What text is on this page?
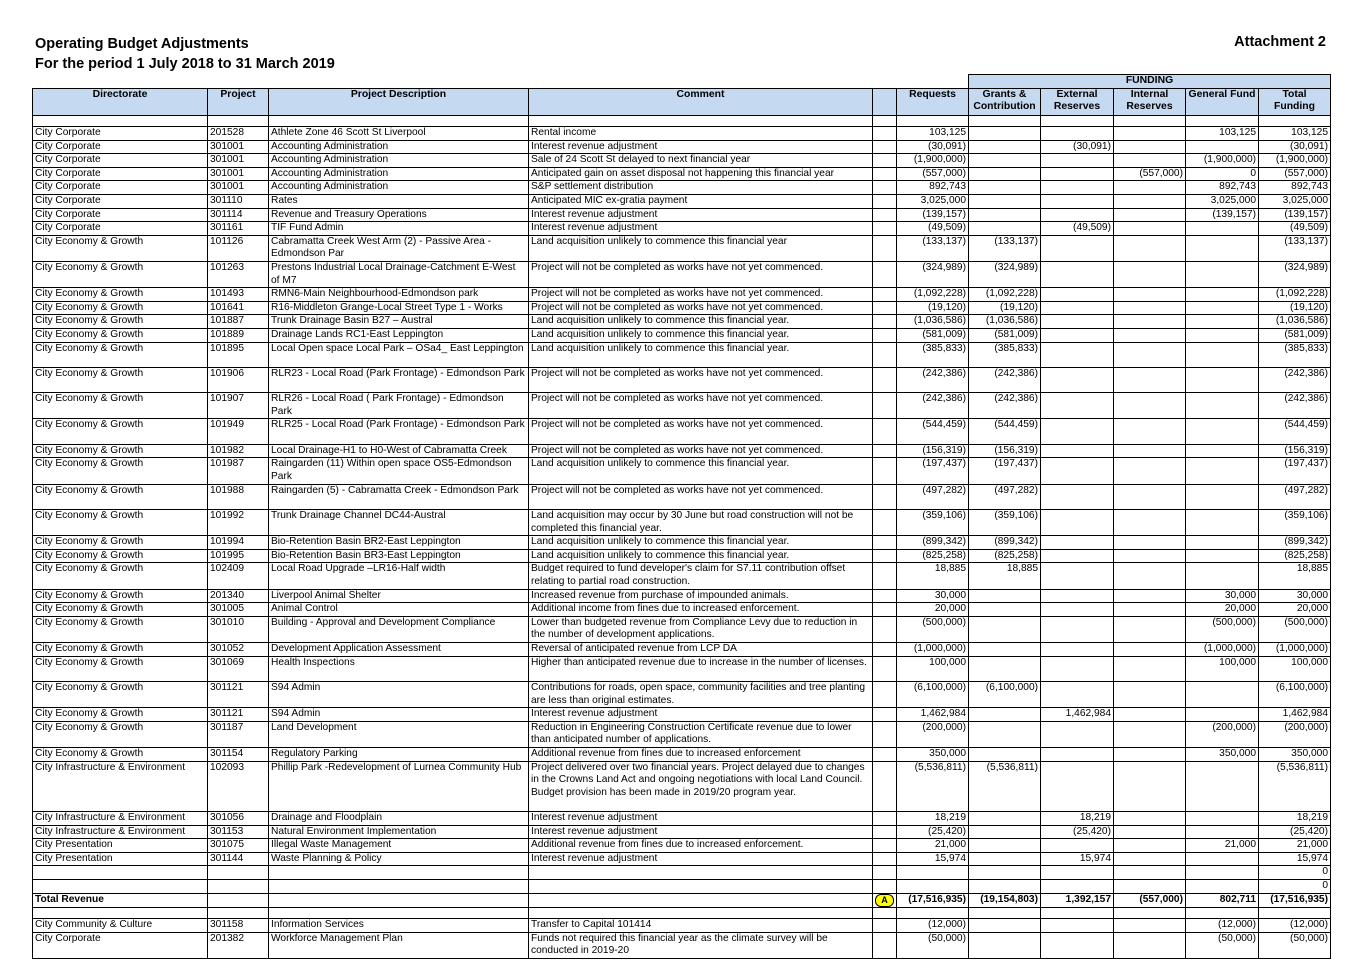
Operating Budget Adjustments
For the period 1 July 2018 to 31 March 2019
Attachment 2
						FUNDING				
Directorate	Project	Project Description	Comment		Requests	Grants & Contribution	External Reserves	Internal Reserves	General Fund	Total Funding

City Corporate	201528	Athlete Zone 46 Scott St Liverpool	Rental income		103,125				103,125	103,125
City Corporate	301001	Accounting Administration	Interest revenue adjustment		(30,091)		(30,091)			(30,091)
City Corporate	301001	Accounting Administration	Sale of 24 Scott St delayed to next financial year		(1,900,000)				(1,900,000)	(1,900,000)
City Corporate	301001	Accounting Administration	Anticipated gain on asset disposal not happening this financial year		(557,000)			(557,000)	0	(557,000)
City Corporate	301001	Accounting Administration	S&P settlement distribution		892,743				892,743	892,743
City Corporate	301110	Rates	Anticipated MIC ex-gratia payment		3,025,000				3,025,000	3,025,000
City Corporate	301114	Revenue and Treasury Operations	Interest revenue adjustment		(139,157)				(139,157)	(139,157)
City Corporate	301161	TIF Fund Admin	Interest revenue adjustment		(49,509)		(49,509)			(49,509)
City Economy & Growth	101126	Cabramatta Creek West Arm (2) - Passive Area - Edmondson Par	Land acquisition unlikely to commence this financial year		(133,137)	(133,137)				(133,137)
City Economy & Growth	101263	Prestons Industrial Local Drainage-Catchment E-West of M7	Project will not be completed as works have not yet commenced.		(324,989)	(324,989)				(324,989)
City Economy & Growth	101493	RMN6-Main Neighbourhood-Edmondson park	Project will not be completed as works have not yet commenced.		(1,092,228)	(1,092,228)				(1,092,228)
City Economy & Growth	101641	R16-Middleton Grange-Local Street Type 1 - Works	Project will not be completed as works have not yet commenced.		(19,120)	(19,120)				(19,120)
City Economy & Growth	101887	Trunk Drainage Basin B27 – Austral	Land acquisition unlikely to commence this financial year.		(1,036,586)	(1,036,586)				(1,036,586)
City Economy & Growth	101889	Drainage Lands RC1-East Leppington	Land acquisition unlikely to commence this financial year.		(581,009)	(581,009)				(581,009)
City Economy & Growth	101895	Local Open space Local Park – OSa4_ East Leppington	Land acquisition unlikely to commence this financial year.		(385,833)	(385,833)				(385,833)
City Economy & Growth	101906	RLR23 - Local Road (Park Frontage) - Edmondson Park	Project will not be completed as works have not yet commenced.		(242,386)	(242,386)				(242,386)
City Economy & Growth	101907	RLR26 - Local Road ( Park Frontage) - Edmondson Park	Project will not be completed as works have not yet commenced.		(242,386)	(242,386)				(242,386)
City Economy & Growth	101949	RLR25 - Local Road (Park Frontage) - Edmondson Park	Project will not be completed as works have not yet commenced.		(544,459)	(544,459)				(544,459)
City Economy & Growth	101982	Local Drainage-H1 to H0-West of Cabramatta Creek	Project will not be completed as works have not yet commenced.		(156,319)	(156,319)				(156,319)
City Economy & Growth	101987	Raingarden (11) Within open space OS5-Edmondson Park	Land acquisition unlikely to commence this financial year.		(197,437)	(197,437)				(197,437)
City Economy & Growth	101988	Raingarden (5) - Cabramatta Creek - Edmondson Park	Project will not be completed as works have not yet commenced.		(497,282)	(497,282)				(497,282)
City Economy & Growth	101992	Trunk Drainage Channel DC44-Austral	Land acquisition may occur by 30 June but road construction will not be completed this financial year.		(359,106)	(359,106)				(359,106)
City Economy & Growth	101994	Bio-Retention Basin BR2-East Leppington	Land acquisition unlikely to commence this financial year.		(899,342)	(899,342)				(899,342)
City Economy & Growth	101995	Bio-Retention Basin BR3-East Leppington	Land acquisition unlikely to commence this financial year.		(825,258)	(825,258)				(825,258)
City Economy & Growth	102409	Local Road Upgrade –LR16-Half width	Budget required to fund developer's claim for S7.11 contribution offset relating to partial road construction.		18,885	18,885				18,885
City Economy & Growth	201340	Liverpool Animal Shelter	Increased revenue from purchase of impounded animals.		30,000				30,000	30,000
City Economy & Growth	301005	Animal Control	Additional income from fines due to increased enforcement.		20,000				20,000	20,000
City Economy & Growth	301010	Building - Approval and Development Compliance	Lower than budgeted revenue from Compliance Levy due to reduction in the number of development applications.		(500,000)				(500,000)	(500,000)
City Economy & Growth	301052	Development Application Assessment	Reversal of anticipated revenue from LCP DA		(1,000,000)				(1,000,000)	(1,000,000)
City Economy & Growth	301069	Health Inspections	Higher than anticipated revenue due to increase in the number of licenses.		100,000				100,000	100,000
City Economy & Growth	301121	S94 Admin	Contributions for roads, open space, community facilities and tree planting are less than original estimates.		(6,100,000)	(6,100,000)				(6,100,000)
City Economy & Growth	301121	S94 Admin	Interest revenue adjustment		1,462,984		1,462,984			1,462,984
City Economy & Growth	301187	Land Development	Reduction in Engineering Construction Certificate revenue due to lower than anticipated number of applications.		(200,000)				(200,000)	(200,000)
City Economy & Growth	301154	Regulatory Parking	Additional revenue from fines due to increased enforcement		350,000				350,000	350,000
City Infrastructure & Environment	102093	Phillip Park -Redevelopment of Lurnea Community Hub	Project delivered over two financial years. Project delayed due to changes in the Crowns Land Act and ongoing negotiations with local Land Council. Budget provision has been made in 2019/20 program year.		(5,536,811)	(5,536,811)				(5,536,811)
City Infrastructure & Environment	301056	Drainage and Floodplain	Interest revenue adjustment		18,219		18,219			18,219
City Infrastructure & Environment	301153	Natural Environment Implementation	Interest revenue adjustment		(25,420)		(25,420)			(25,420)
City Presentation	301075	Illegal Waste Management	Additional revenue from fines due to increased enforcement.		21,000				21,000	21,000
City Presentation	301144	Waste Planning & Policy	Interest revenue adjustment		15,974		15,974			15,974
										0
										0
Total Revenue				A	(17,516,935)	(19,154,803)	1,392,157	(557,000)	802,711	(17,516,935)

City Community & Culture	301158	Information Services	Transfer to Capital 101414		(12,000)				(12,000)	(12,000)
City Corporate	201382	Workforce Management Plan	Funds not required this financial year as the climate survey will be conducted in 2019-20		(50,000)				(50,000)	(50,000)
